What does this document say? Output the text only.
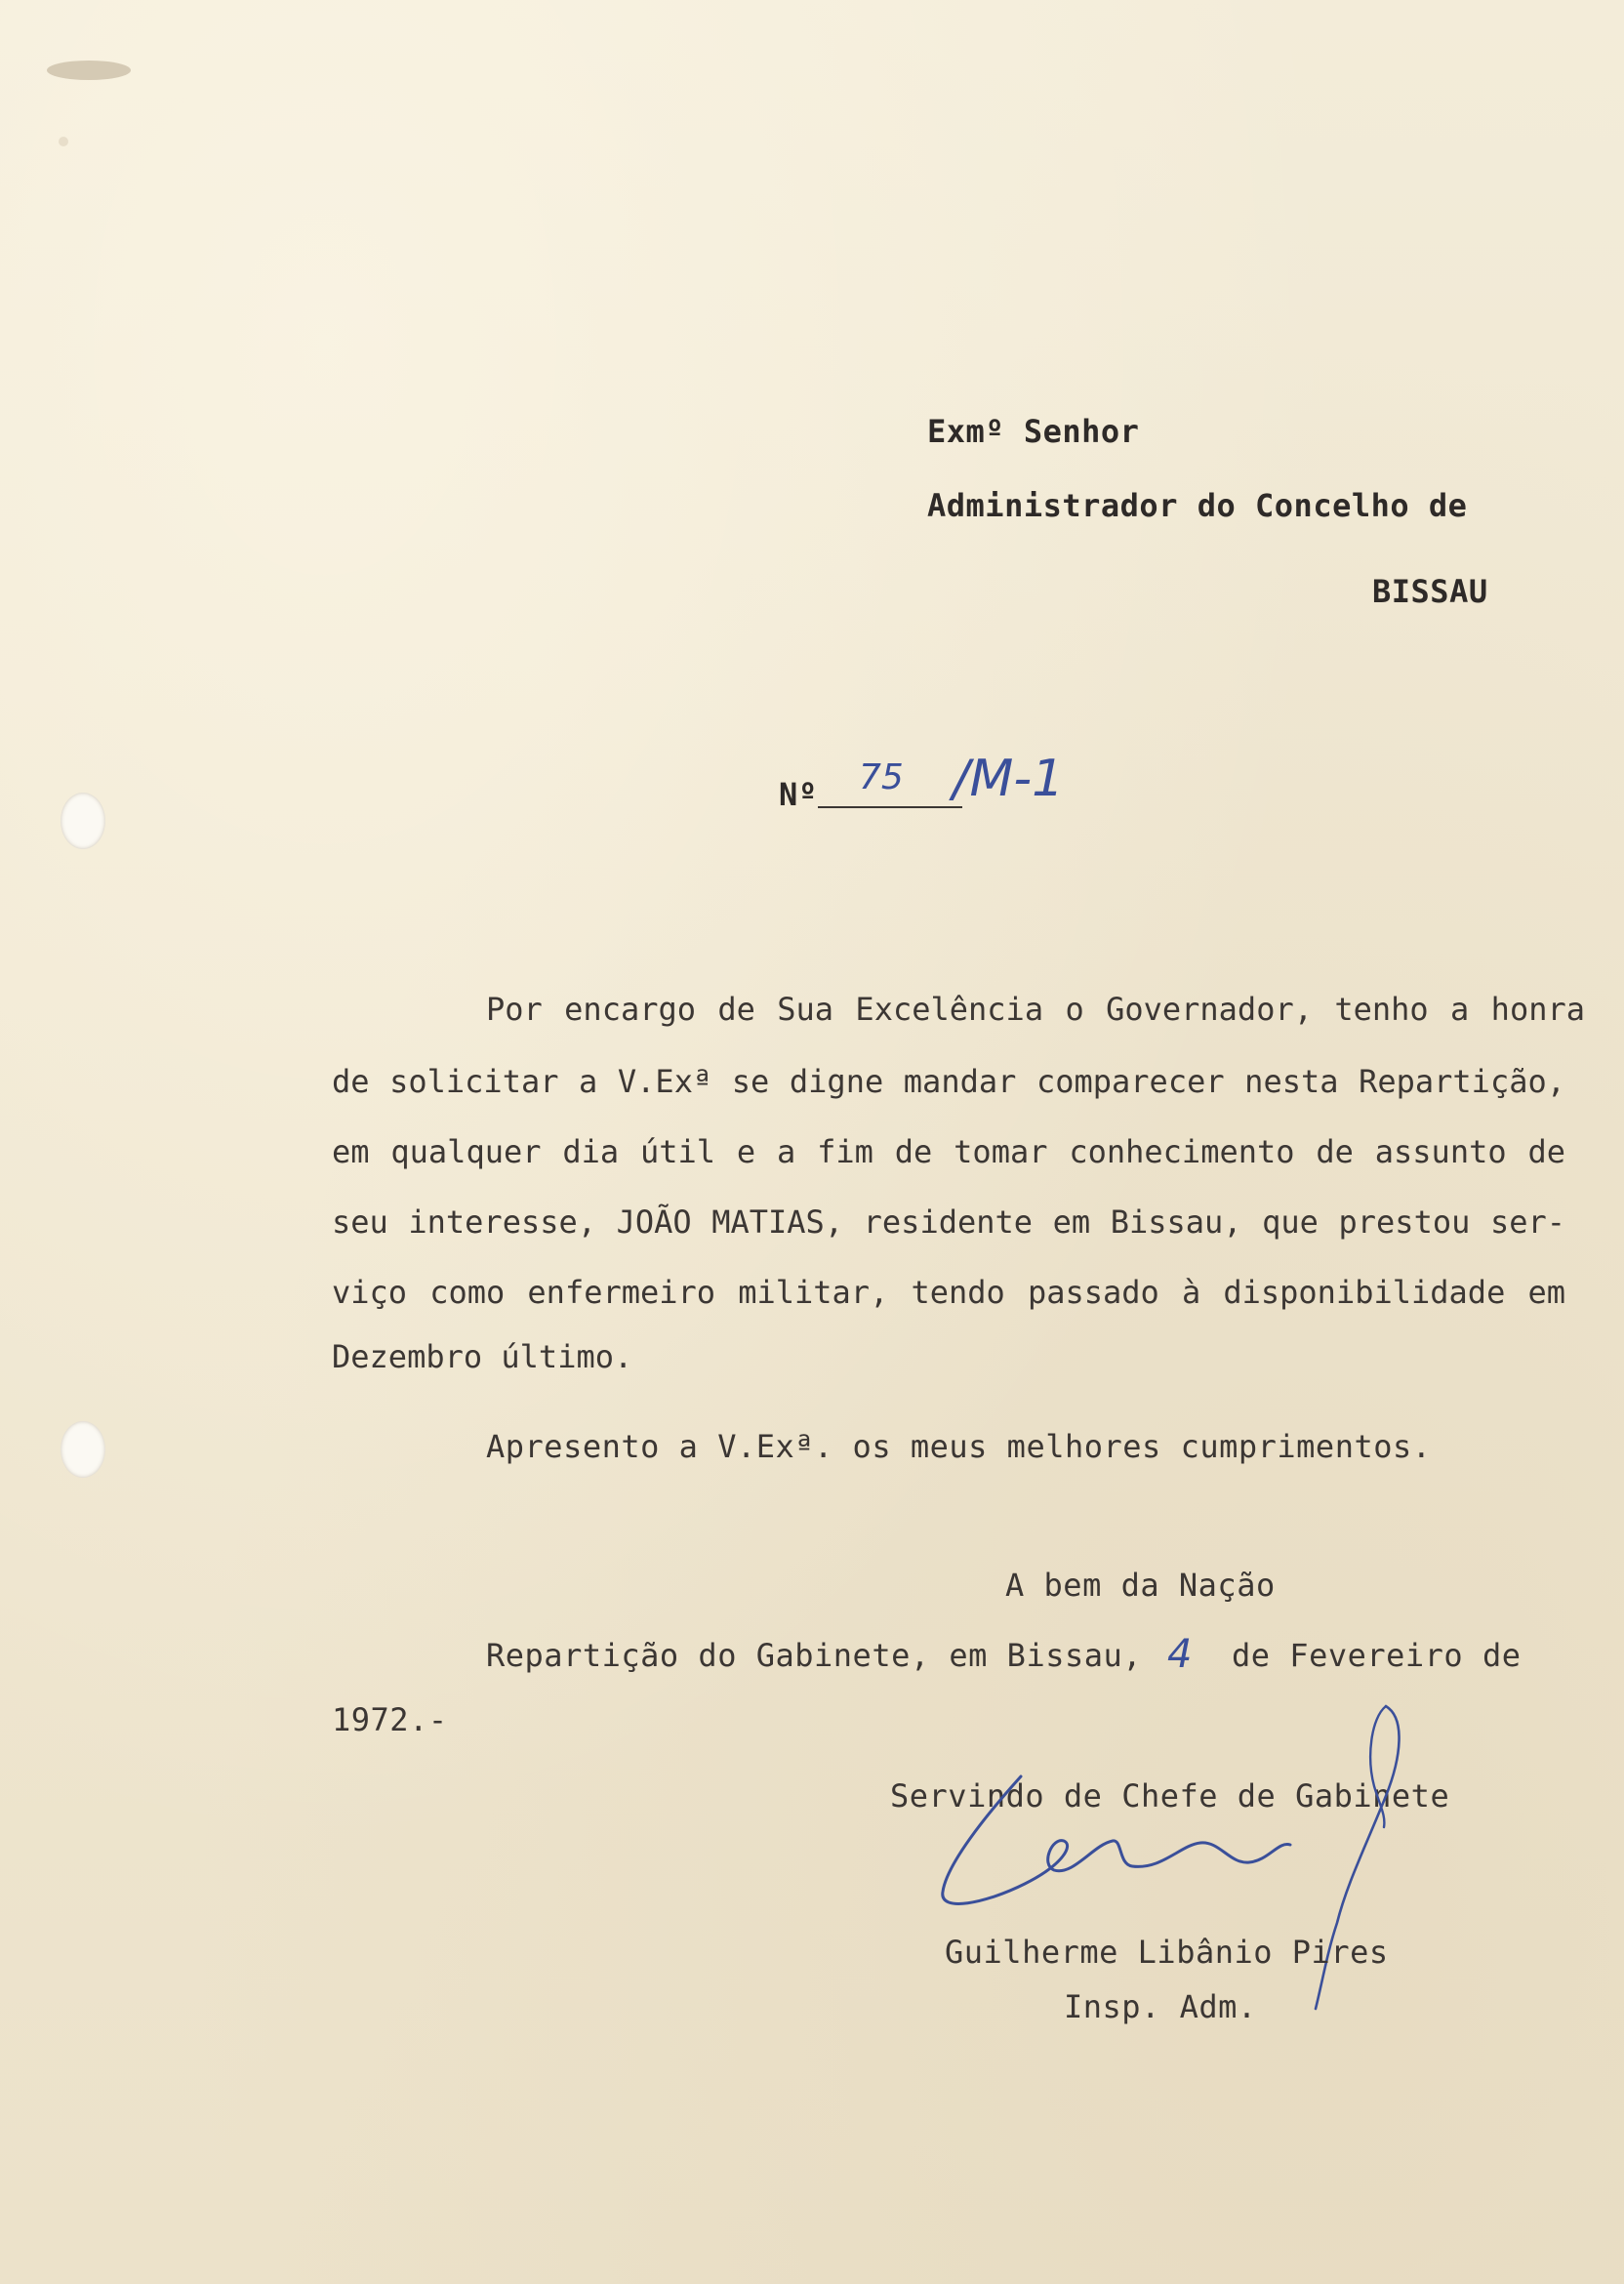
Exmº Senhor

Administrador do Concelho de

BISSAU

Nº 75 /M-1

Por encargo de Sua Excelência o Governador, tenho a honra

de solicitar a V.Exª se digne mandar comparecer nesta Repartição,

em qualquer dia útil e a fim de tomar conhecimento de assunto de

seu interesse, JOÃO MATIAS, residente em Bissau, que prestou ser-

viço como enfermeiro militar, tendo passado à disponibilidade em

Dezembro último.

Apresento a V.Exª. os meus melhores cumprimentos.

A bem da Nação

Repartição do Gabinete, em Bissau, 4 de Fevereiro de

1972.-

Servindo de Chefe de Gabinete

Guilherme Libânio Pires

Insp. Adm.
